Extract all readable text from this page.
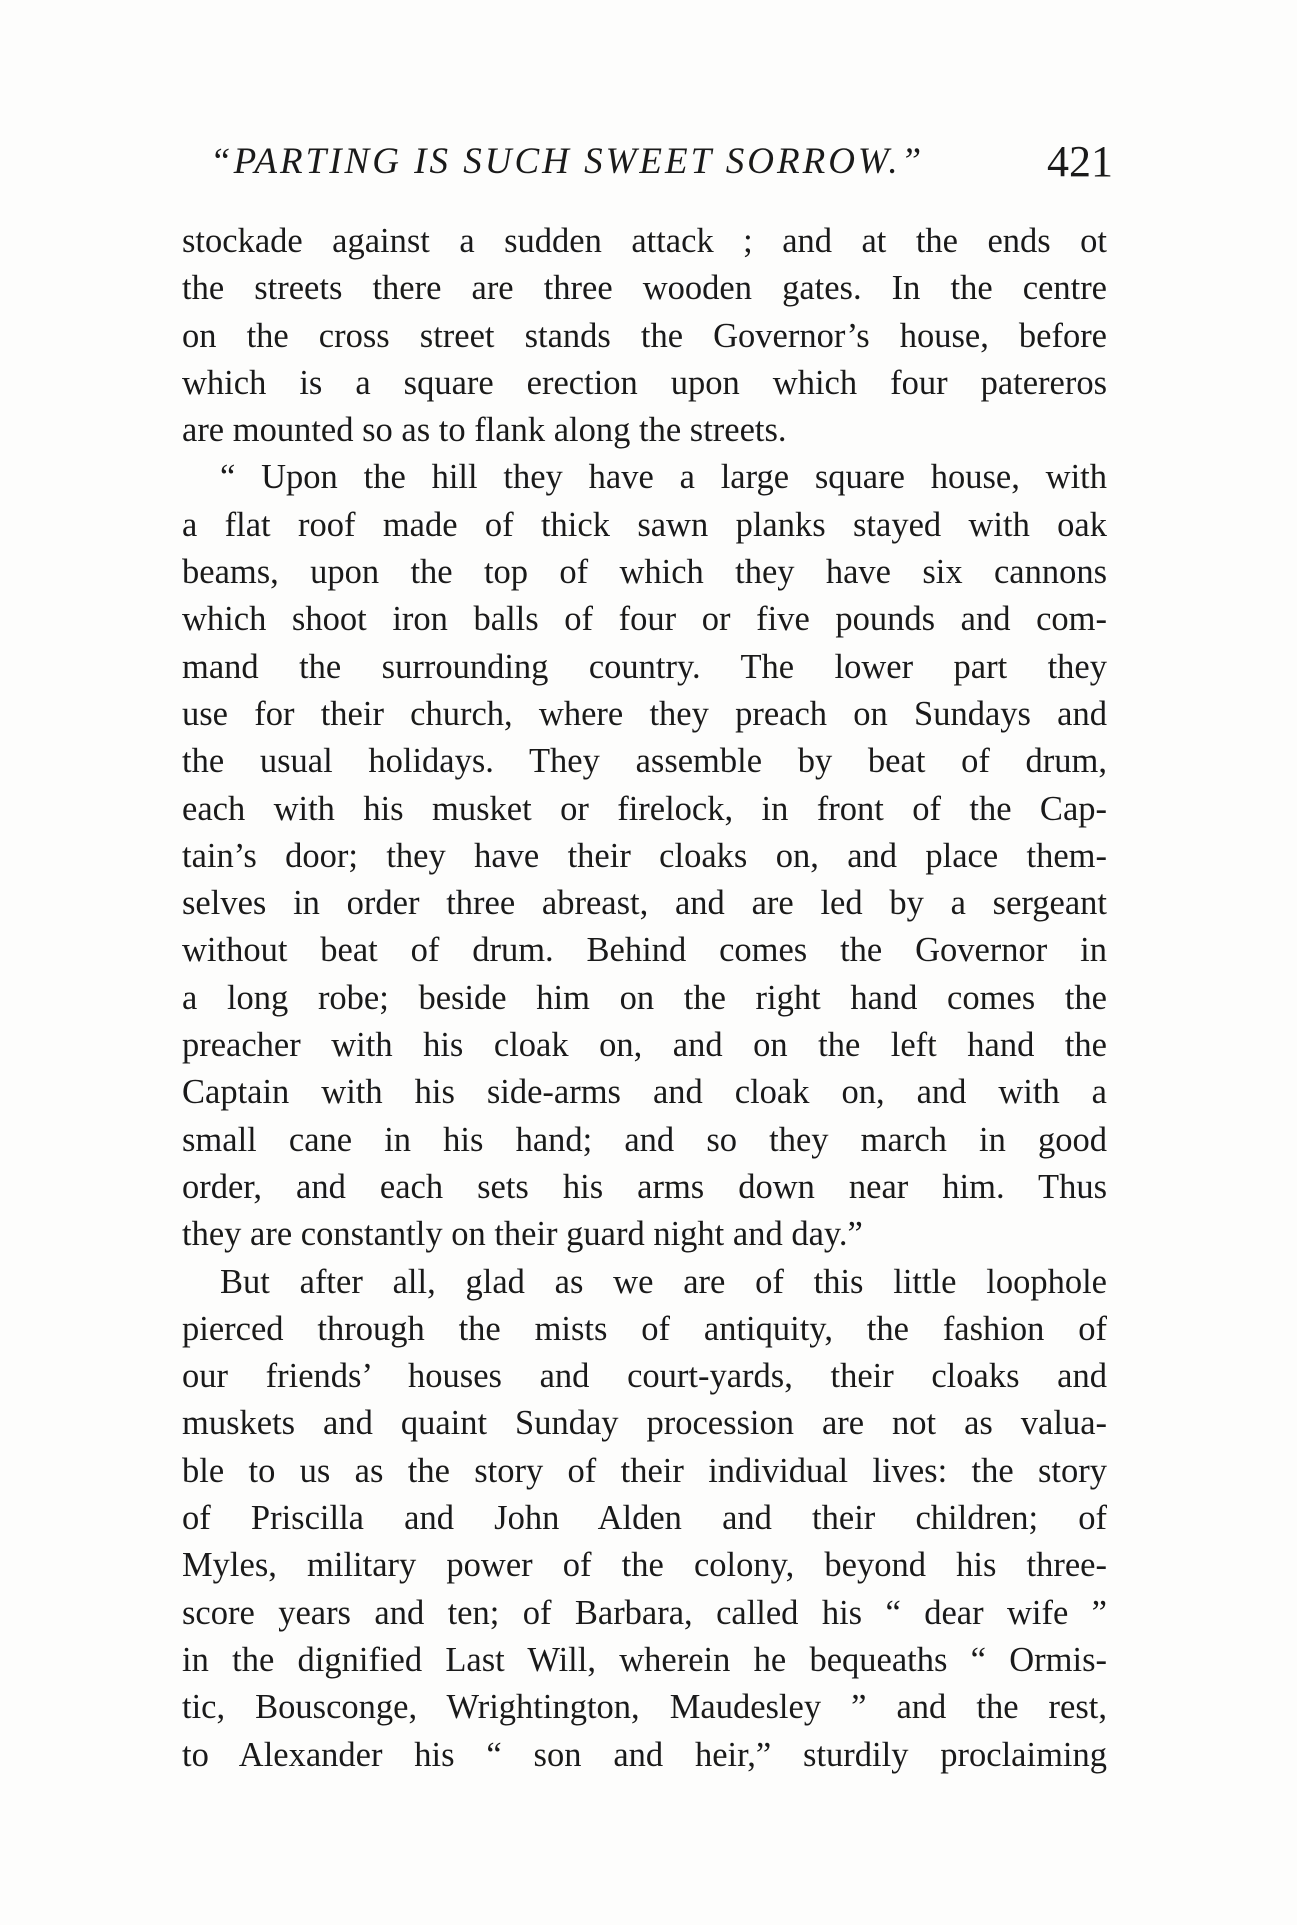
“PARTING IS SUCH SWEET SORROW.”	421
stockade against a sudden attack ; and at the ends ot
the streets there are three wooden gates. In the centre
on the cross street stands the Governor’s house, before
which is a square erection upon which four patereros
are mounted so as to flank along the streets.
“ Upon the hill they have a large square house, with
a flat roof made of thick sawn planks stayed with oak
beams, upon the top of which they have six cannons
which shoot iron balls of four or five pounds and com-
mand the surrounding country. The lower part they
use for their church, where they preach on Sundays and
the usual holidays. They assemble by beat of drum,
each with his musket or firelock, in front of the Cap-
tain’s door; they have their cloaks on, and place them-
selves in order three abreast, and are led by a sergeant
without beat of drum. Behind comes the Governor in
a long robe; beside him on the right hand comes the
preacher with his cloak on, and on the left hand the
Captain with his side-arms and cloak on, and with a
small cane in his hand; and so they march in good
order, and each sets his arms down near him. Thus
they are constantly on their guard night and day.”
But after all, glad as we are of this little loophole
pierced through the mists of antiquity, the fashion of
our friends’ houses and court-yards, their cloaks and
muskets and quaint Sunday procession are not as valua-
ble to us as the story of their individual lives: the story
of Priscilla and John Alden and their children; of
Myles, military power of the colony, beyond his three-
score years and ten; of Barbara, called his “ dear wife ”
in the dignified Last Will, wherein he bequeaths “ Ormis-
tic, Bousconge, Wrightington, Maudesley ” and the rest,
to Alexander his “ son and heir,” sturdily proclaiming
